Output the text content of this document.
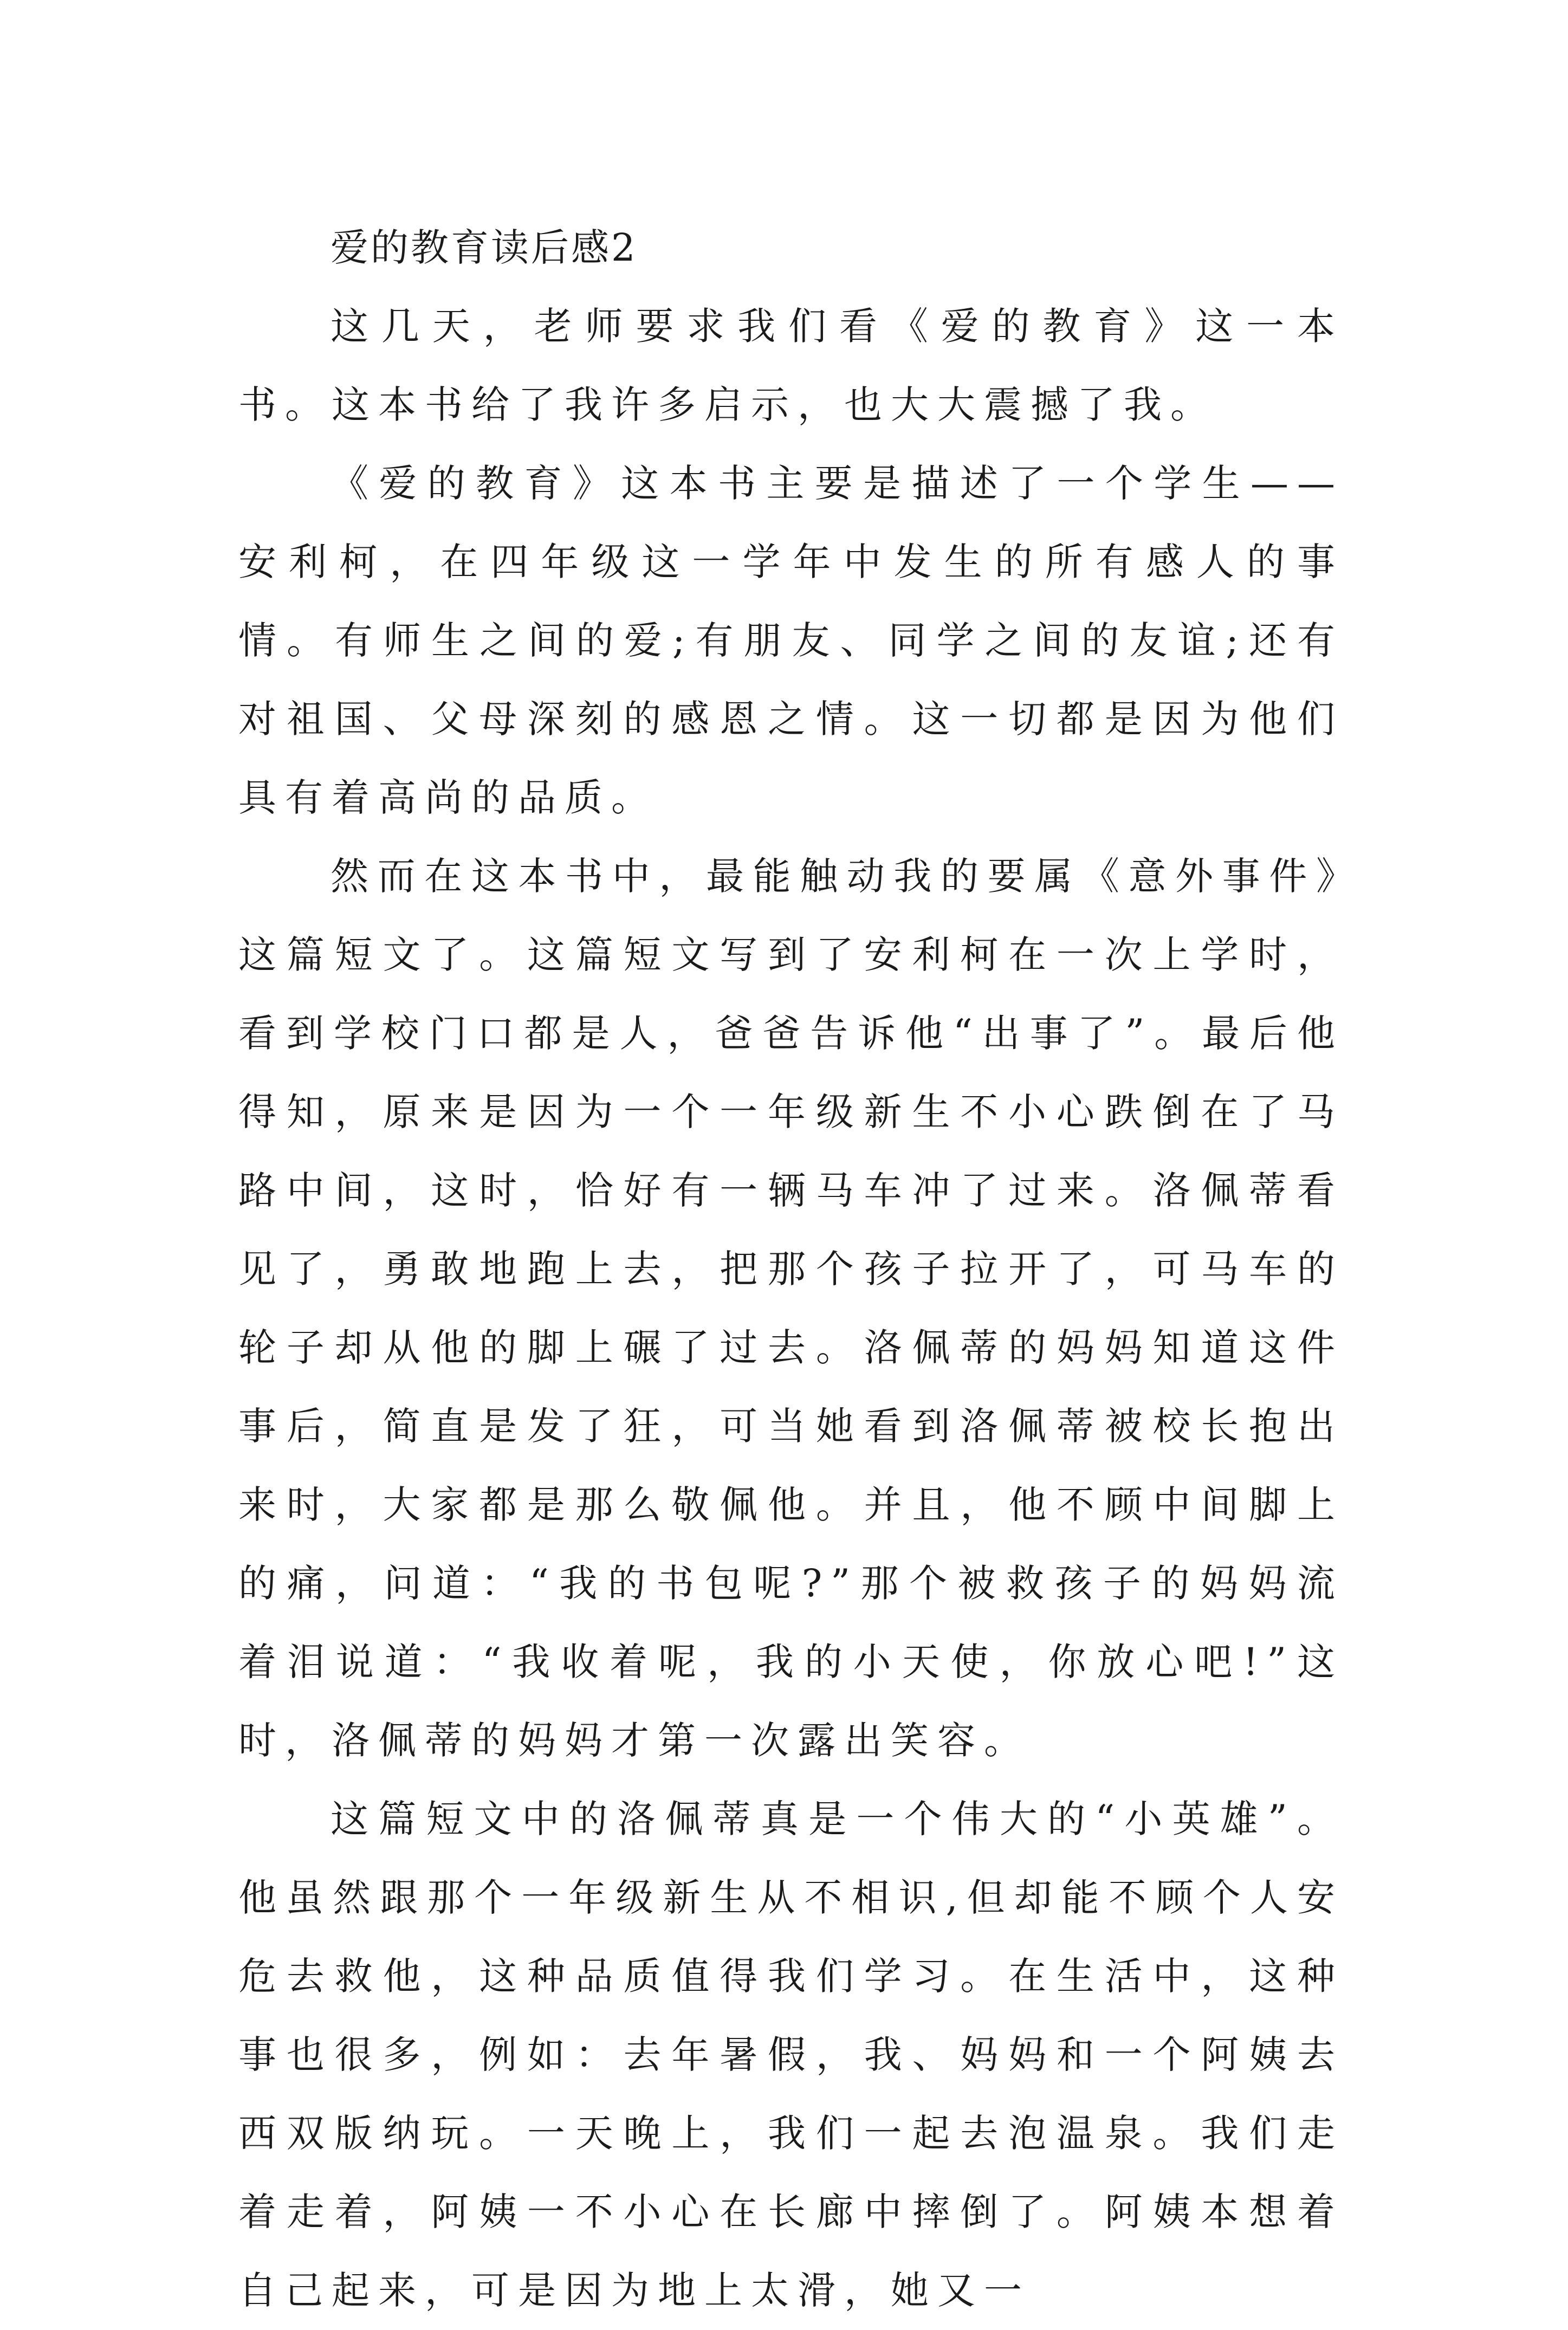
爱的教育读后感2

这几天，老师要求我们看《爱的教育》这一本书。这本书给了我许多启示，也大大震撼了我。

《爱的教育》这本书主要是描述了一个学生——安利柯，在四年级这一学年中发生的所有感人的事情。有师生之间的爱;有朋友、同学之间的友谊;还有对祖国、父母深刻的感恩之情。这一切都是因为他们具有着高尚的品质。

然而在这本书中，最能触动我的要属《意外事件》这篇短文了。这篇短文写到了安利柯在一次上学时，看到学校门口都是人，爸爸告诉他“出事了”。最后他得知，原来是因为一个一年级新生不小心跌倒在了马路中间，这时，恰好有一辆马车冲了过来。洛佩蒂看见了，勇敢地跑上去，把那个孩子拉开了，可马车的轮子却从他的脚上碾了过去。洛佩蒂的妈妈知道这件事后，简直是发了狂，可当她看到洛佩蒂被校长抱出来时，大家都是那么敬佩他。并且，他不顾中间脚上的痛，问道：“我的书包呢?”那个被救孩子的妈妈流着泪说道：“我收着呢，我的小天使，你放心吧!”这时，洛佩蒂的妈妈才第一次露出笑容。

这篇短文中的洛佩蒂真是一个伟大的“小英雄”。他虽然跟那个一年级新生从不相识,但却能不顾个人安危去救他，这种品质值得我们学习。在生活中，这种事也很多，例如：去年暑假，我、妈妈和一个阿姨去西双版纳玩。一天晚上，我们一起去泡温泉。我们走着走着，阿姨一不小心在长廊中摔倒了。阿姨本想着自己起来，可是因为地上太滑，她又一
